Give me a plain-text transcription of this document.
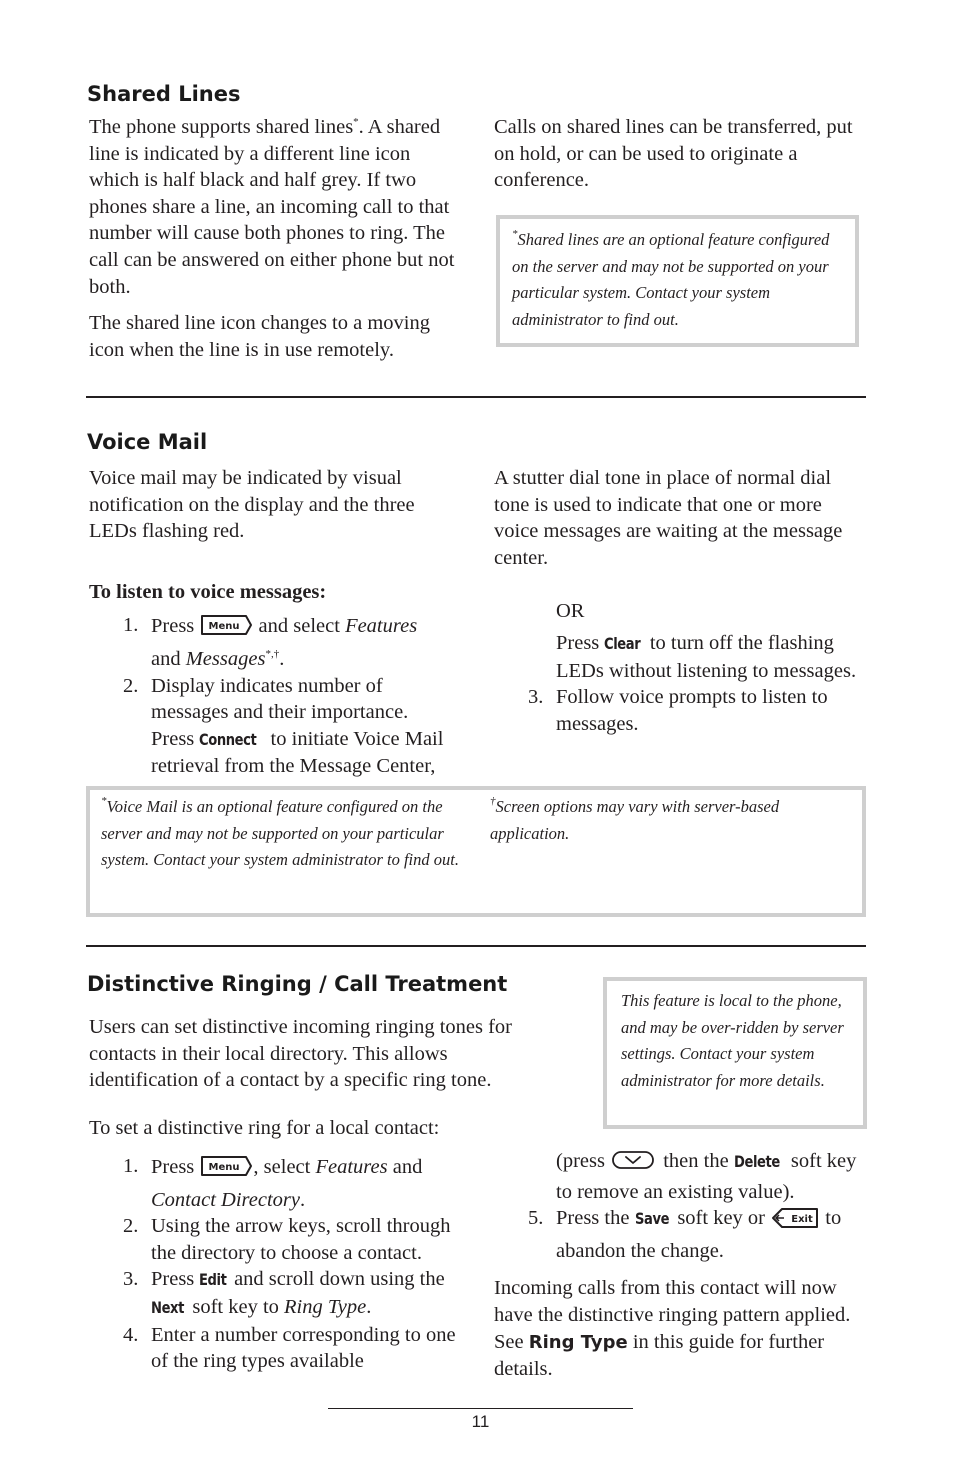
Shared Lines

The phone supports shared lines*. A shared line is indicated by a different line icon which is half black and half grey. If two phones share a line, an incoming call to that number will cause both phones to ring. The call can be answered on either phone but not both.

The shared line icon changes to a moving icon when the line is in use remotely.

Calls on shared lines can be transferred, put on hold, or can be used to originate a conference.

*Shared lines are an optional feature configured on the server and may not be supported on your particular system. Contact your system administrator to find out.
Voice Mail

Voice mail may be indicated by visual notification on the display and the three LEDs flashing red.

To listen to voice messages:

1. Press Menu and select Features and Messages*,†.
2. Display indicates number of messages and their importance. Press Connect to initiate Voice Mail retrieval from the Message Center,

A stutter dial tone in place of normal dial tone is used to indicate that one or more voice messages are waiting at the message center.

OR

Press Clear to turn off the flashing LEDs without listening to messages.

3. Follow voice prompts to listen to messages.
*Voice Mail is an optional feature configured on the server and may not be supported on your particular system. Contact your system administrator to find out.
†Screen options may vary with server-based application.
Distinctive Ringing / Call Treatment
This feature is local to the phone, and may be over-ridden by server settings. Contact your system administrator for more details.

Users can set distinctive incoming ringing tones for contacts in their local directory. This allows identification of a contact by a specific ring tone.

To set a distinctive ring for a local contact:

1. Press Menu , select Features and Contact Directory.
2. Using the arrow keys, scroll through the directory to choose a contact.
3. Press Edit and scroll down using the Next soft key to Ring Type.
4. Enter a number corresponding to one of the ring types available
(press	then the Delete soft key to remove an existing value).
5. Press the Save soft key or	Exit to abandon the change.

Incoming calls from this contact will now have the distinctive ringing pattern applied. See Ring Type in this guide for further details.

11
